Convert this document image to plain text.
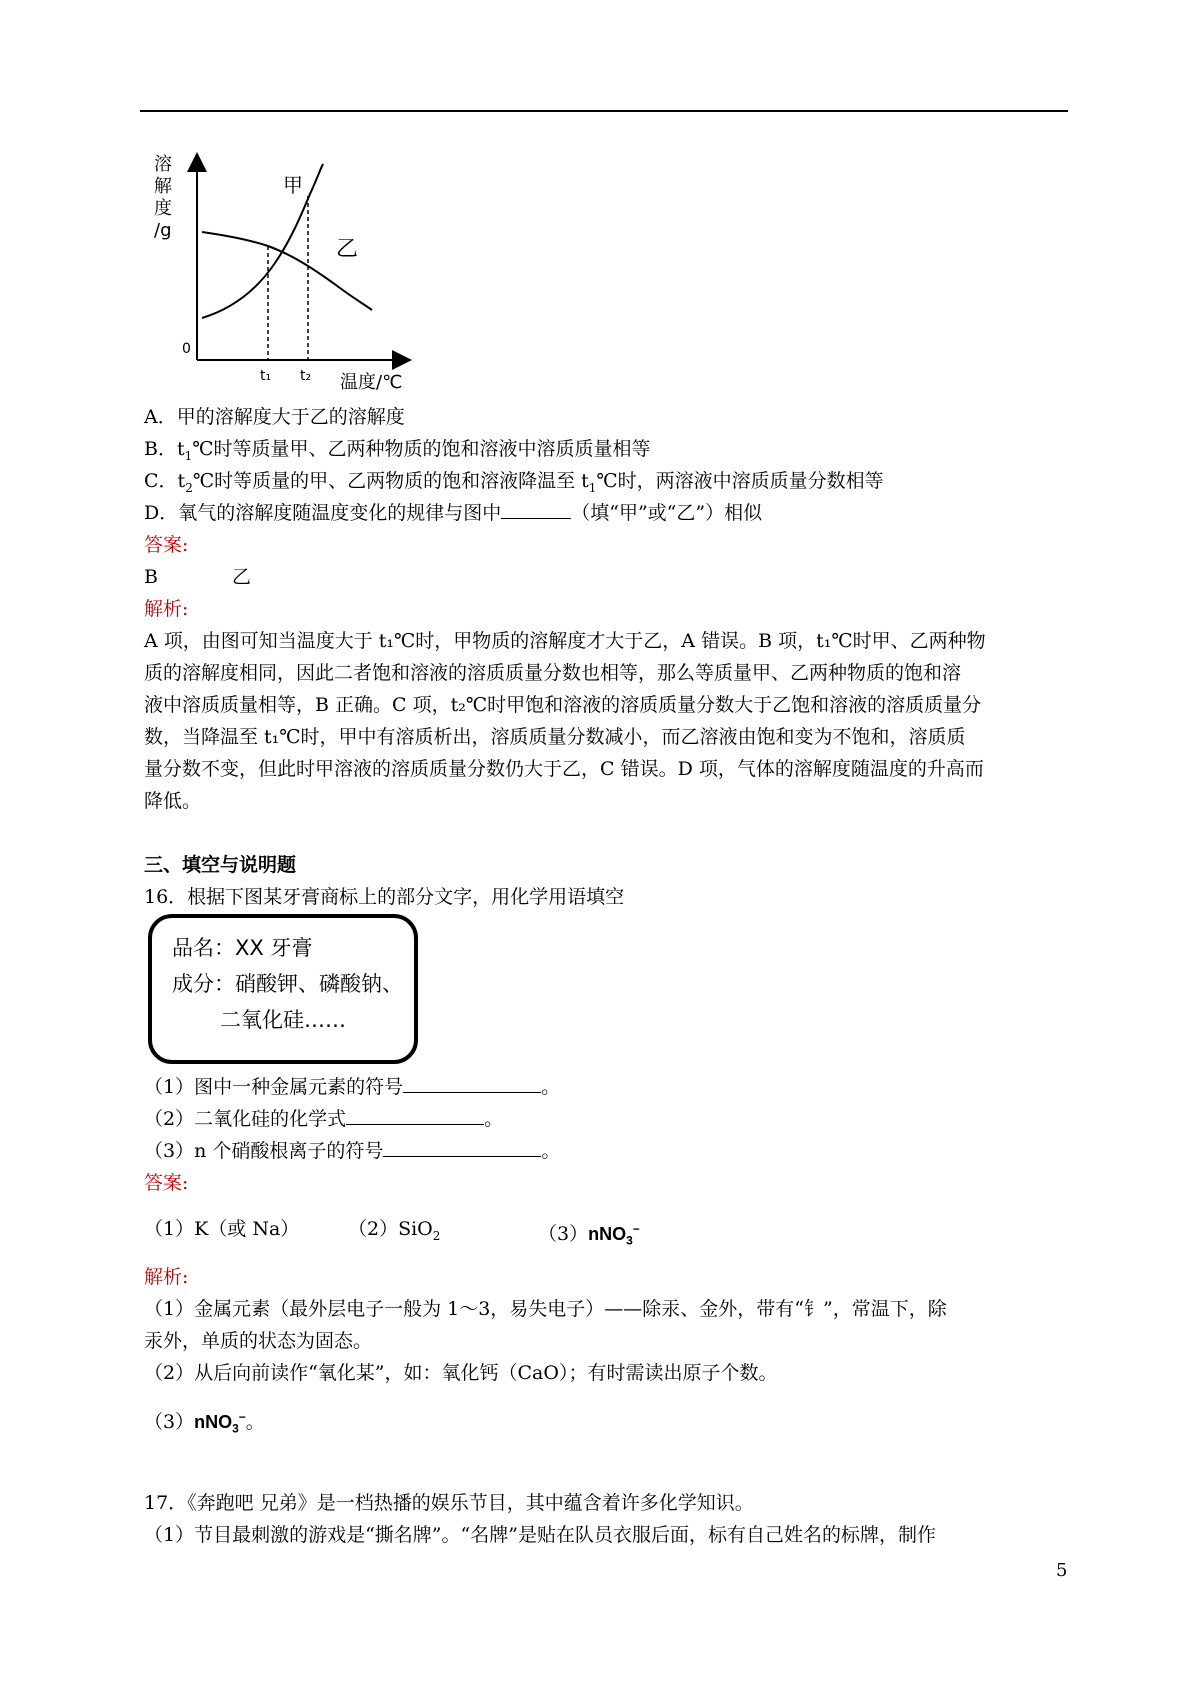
溶
解
度
/g
0
t₁ t₂ 温度/℃
甲
乙
A．甲的溶解度大于乙的溶解度
B．$t_1℃$时等质量甲、乙两种物质的饱和溶液中溶质质量相等
C．$t_2℃$时等质量的甲、乙两物质的饱和溶液降温至 $t_1℃$时，两溶液中溶质质量分数相等
D．氧气的溶解度随温度变化的规律与图中	（填“甲”或“乙”）相似
答案:
B	乙
解析:
A 项，由图可知当温度大于 t₁℃时，甲物质的溶解度才大于乙，A 错误。B 项，t₁℃时甲、乙两种物
质的溶解度相同，因此二者饱和溶液的溶质质量分数也相等，那么等质量甲、乙两种物质的饱和溶
液中溶质质量相等，B 正确。C 项，t₂℃时甲饱和溶液的溶质质量分数大于乙饱和溶液的溶质质量分
数，当降温至 t₁℃时，甲中有溶质析出，溶质质量分数减小，而乙溶液由饱和变为不饱和，溶质质
量分数不变，但此时甲溶液的溶质质量分数仍大于乙，C 错误。D 项，气体的溶解度随温度的升高而
降低。
三、填空与说明题
16．根据下图某牙膏商标上的部分文字，用化学用语填空
品名：XX 牙膏
成分：硝酸钾、磷酸钠、
二氧化硅……
（1）图中一种金属元素的符号	。
（2）二氧化硅的化学式	。
（3）n 个硝酸根离子的符号	。
答案:
（1）K（或 Na）	（2）SiO$_2$	（3）nNO$_3$−
解析:
（1）金属元素（最外层电子一般为 1～3，易失电子）——除汞、金外，带有“钅”，常温下，除
汞外，单质的状态为固态。
（2）从后向前读作“氧化某”，如：氧化钙（CaO）；有时需读出原子个数。
（3）nNO$_3$−。
17．《奔跑吧 兄弟》是一档热播的娱乐节目，其中蕴含着许多化学知识。
（1）节目最刺激的游戏是“撕名牌”。“名牌”是贴在队员衣服后面，标有自己姓名的标牌，制作
5
